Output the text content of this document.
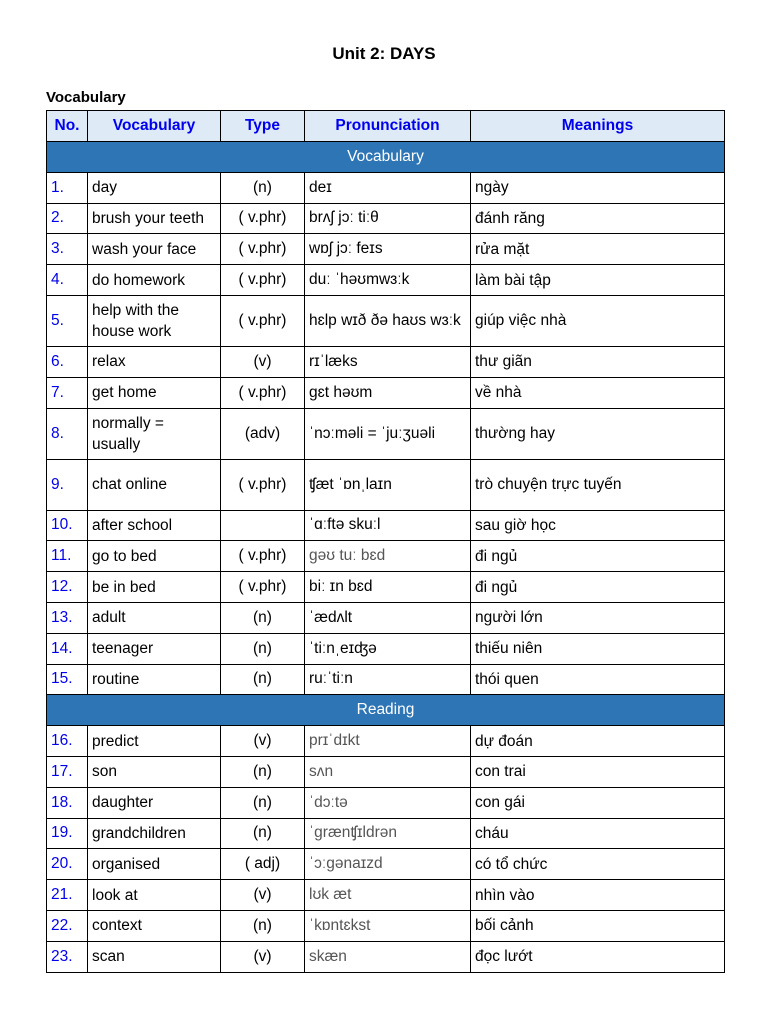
Unit 2: DAYS
Vocabulary
No.	Vocabulary	Type	Pronunciation	Meanings
Vocabulary				
1.	day	(n)	deɪ	ngày
2.	brush your teeth	( v.phr)	brʌʃ jɔː tiːθ	đánh răng
3.	wash your face	( v.phr)	wɒʃ jɔː feɪs	rửa mặt
4.	do homework	( v.phr)	duː ˈhəʊmwɜːk	làm bài tập
5.	help with the house work	( v.phr)	hɛlp wɪð ðə haʊs wɜːk	giúp việc nhà
6.	relax	(v)	rɪˈlæks	thư giãn
7.	get home	( v.phr)	gɛt həʊm	về nhà
8.	normally = usually	(adv)	ˈnɔːməli = ˈjuːʒuəli	thường hay
9.	chat online	( v.phr)	ʧæt ˈɒnˌlaɪn	trò chuyện trực tuyến
10.	after school		ˈɑːftə skuːl	sau giờ học
11.	go to bed	( v.phr)	gəʊ tuː bɛd	đi ngủ
12.	be in bed	( v.phr)	biː ɪn bɛd	đi ngủ
13.	adult	(n)	ˈædʌlt	người lớn
14.	teenager	(n)	ˈtiːnˌeɪʤə	thiếu niên
15.	routine	(n)	ruːˈtiːn	thói quen
Reading				
16.	predict	(v)	prɪˈdɪkt	dự đoán
17.	son	(n)	sʌn	con trai
18.	daughter	(n)	ˈdɔːtə	con gái
19.	grandchildren	(n)	ˈgrænʧɪldrən	cháu
20.	organised	( adj)	ˈɔːgənaɪzd	có tổ chức
21.	look at	(v)	lʊk æt	nhìn vào
22.	context	(n)	ˈkɒntɛkst	bối cảnh
23.	scan	(v)	skæn	đọc lướt
